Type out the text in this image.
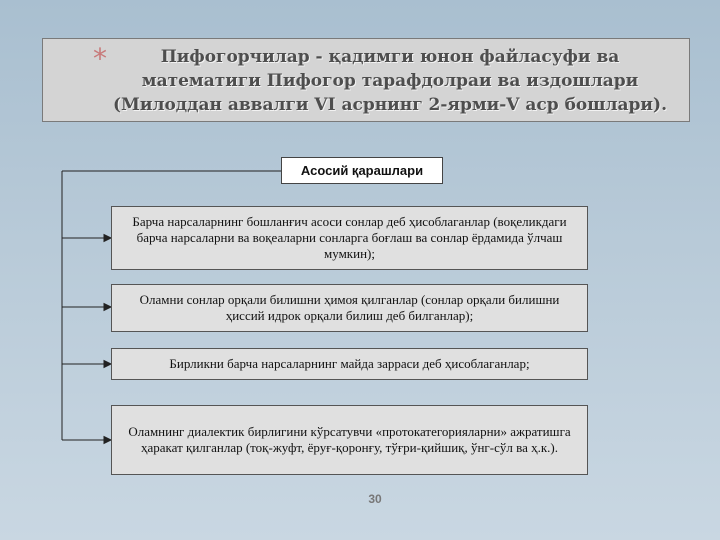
*	Пифогорчилар - қадимги юнон файласуфи ва математиги Пифогор тарафдолраи ва издошлари (Милоддан аввалги VI асрнинг 2-ярми-V аср бошлари).
Асосий қарашлари
Барча нарсаларнинг бошланғич асоси сонлар деб ҳисоблаганлар (воқеликдаги барча нарсаларни ва воқеаларни сонларга боғлаш ва сонлар ёрдамида ўлчаш мумкин);
Оламни сонлар орқали билишни ҳимоя қилганлар (сонлар орқали билишни ҳиссий идрок орқали билиш деб билганлар);
Бирликни барча нарсаларнинг майда зарраси деб ҳисоблаганлар;
Оламнинг диалектик бирлигини кўрсатувчи «протокатегорияларни» ажратишга ҳаракат қилганлар (тоқ-жуфт, ёруғ-қоронғу, тўғри-қийшиқ, ўнг-сўл ва ҳ.к.).
30
